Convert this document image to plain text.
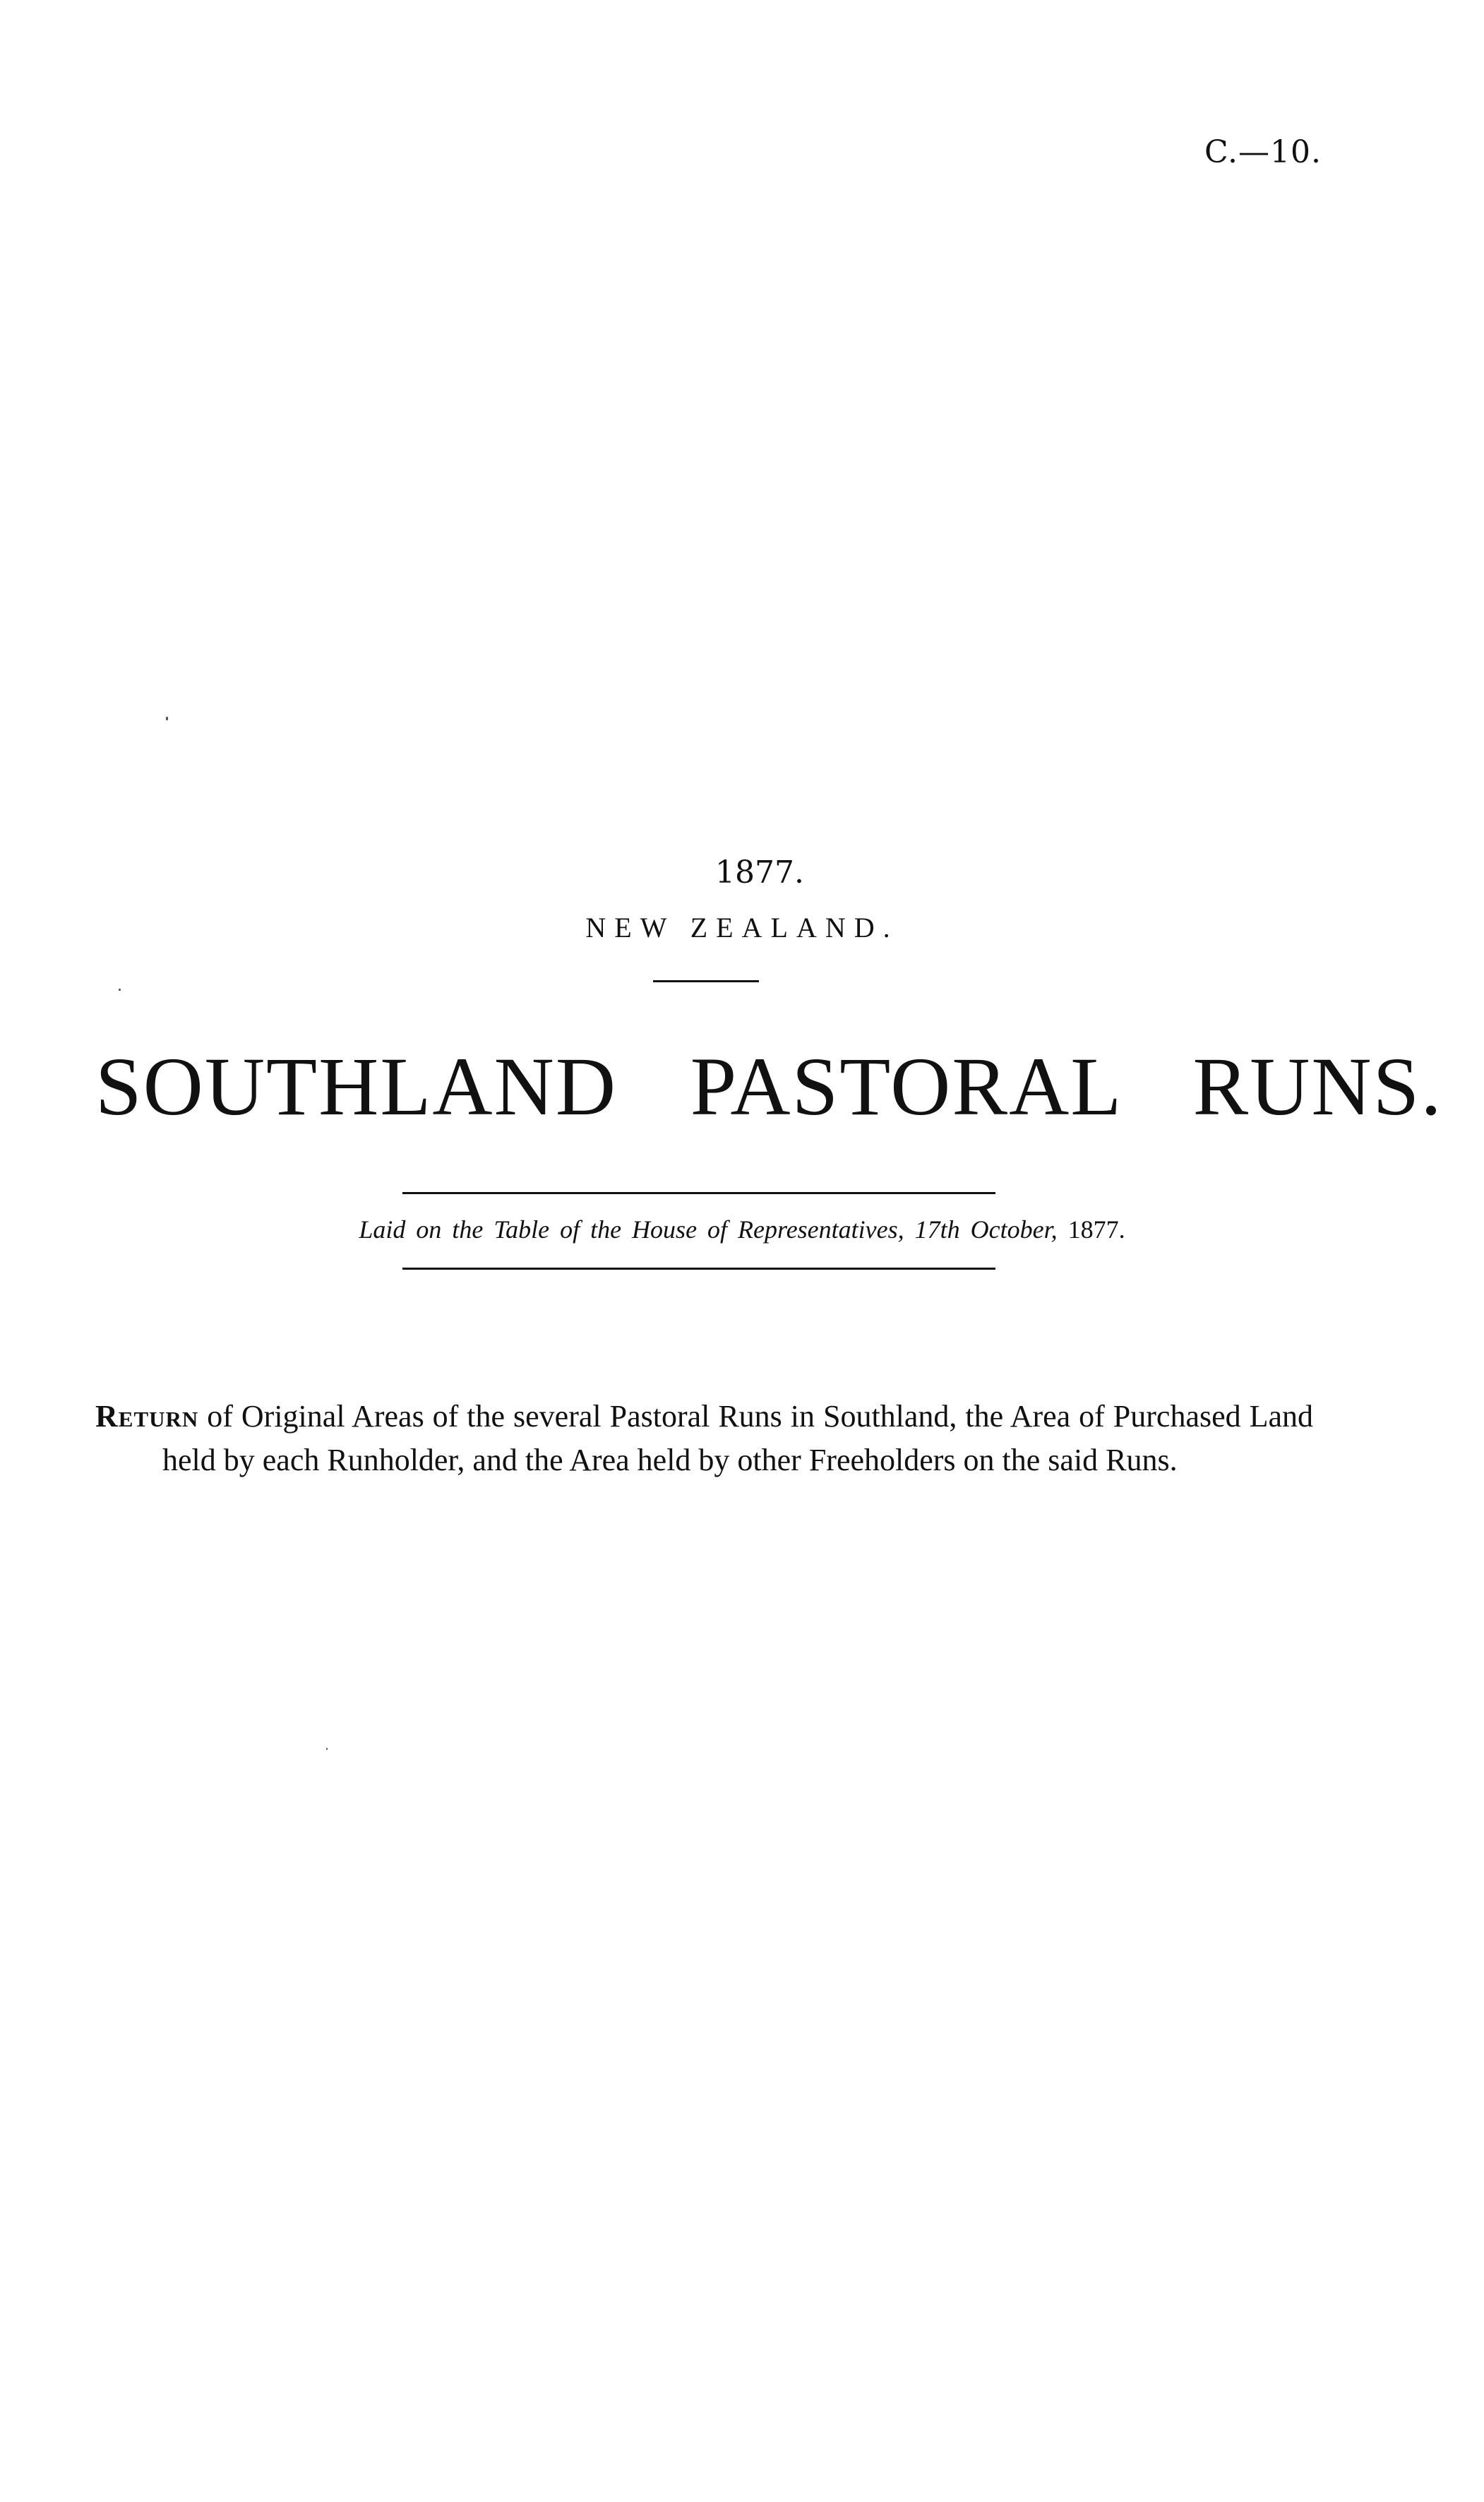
C.—10.
1877.
NEW ZEALAND.
SOUTHLAND PASTORAL RUNS.
Laid on the Table of the House of Representatives, 17th October, 1877.
Return of Original Areas of the several Pastoral Runs in Southland, the Area of Purchased Land held by each Runholder, and the Area held by other Freeholders on the said Runs.
